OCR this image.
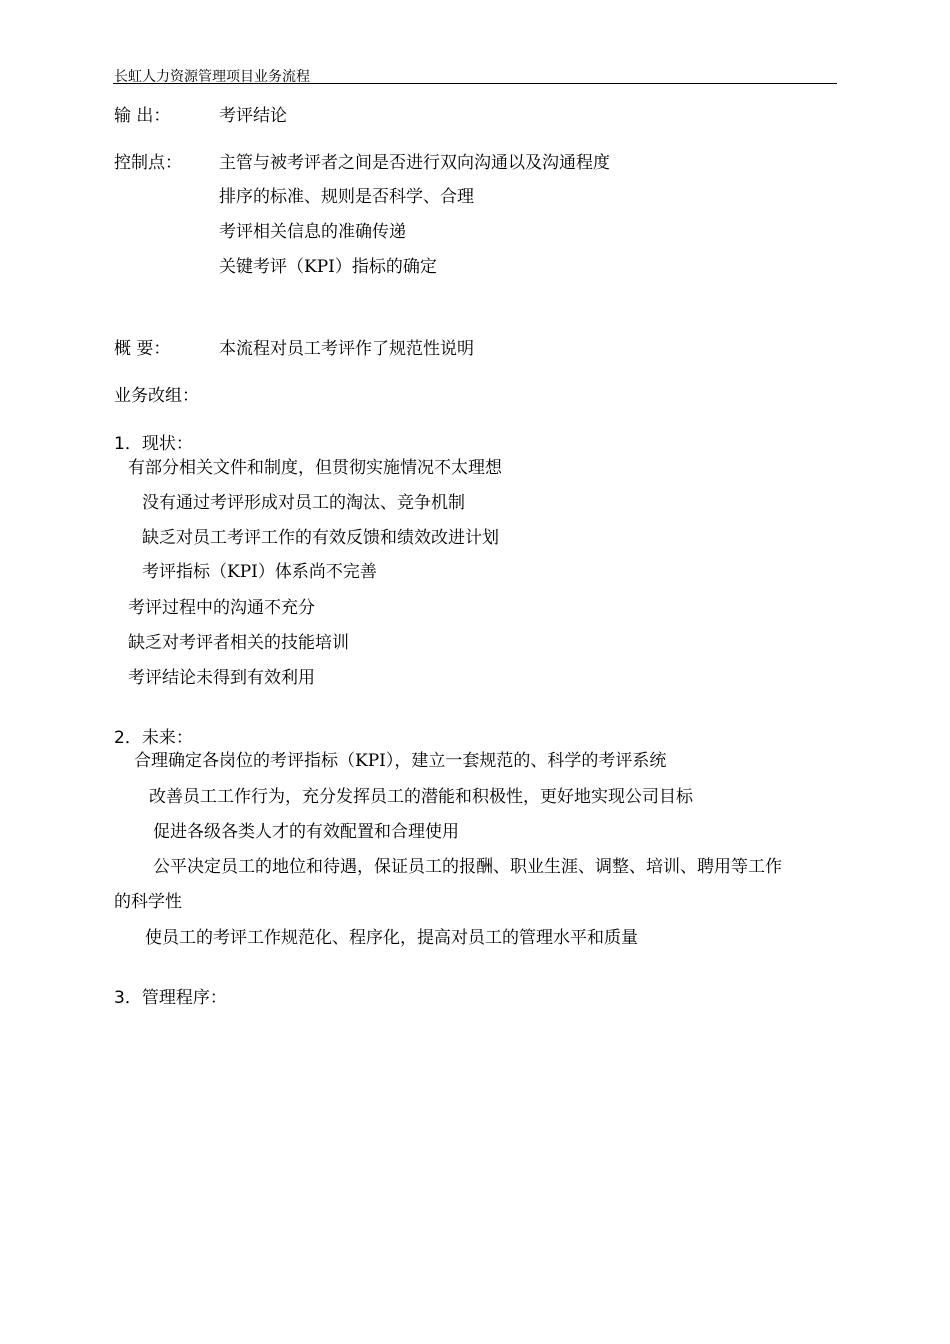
长虹人力资源管理项目业务流程
输 出：	考评结论
控制点： 主管与被考评者之间是否进行双向沟通以及沟通程度
排序的标准、规则是否科学、合理
考评相关信息的准确传递
关键考评（KPI）指标的确定
概 要：	本流程对员工考评作了规范性说明
业务改组：
1．现状：
有部分相关文件和制度，但贯彻实施情况不太理想
没有通过考评形成对员工的淘汰、竞争机制
缺乏对员工考评工作的有效反馈和绩效改进计划
考评指标（KPI）体系尚不完善
考评过程中的沟通不充分
缺乏对考评者相关的技能培训
考评结论未得到有效利用
2．未来：
合理确定各岗位的考评指标（KPI），建立一套规范的、科学的考评系统
改善员工工作行为，充分发挥员工的潜能和积极性，更好地实现公司目标
促进各级各类人才的有效配置和合理使用
公平决定员工的地位和待遇，保证员工的报酬、职业生涯、调整、培训、聘用等工作
的科学性
使员工的考评工作规范化、程序化，提高对员工的管理水平和质量
3．管理程序：
